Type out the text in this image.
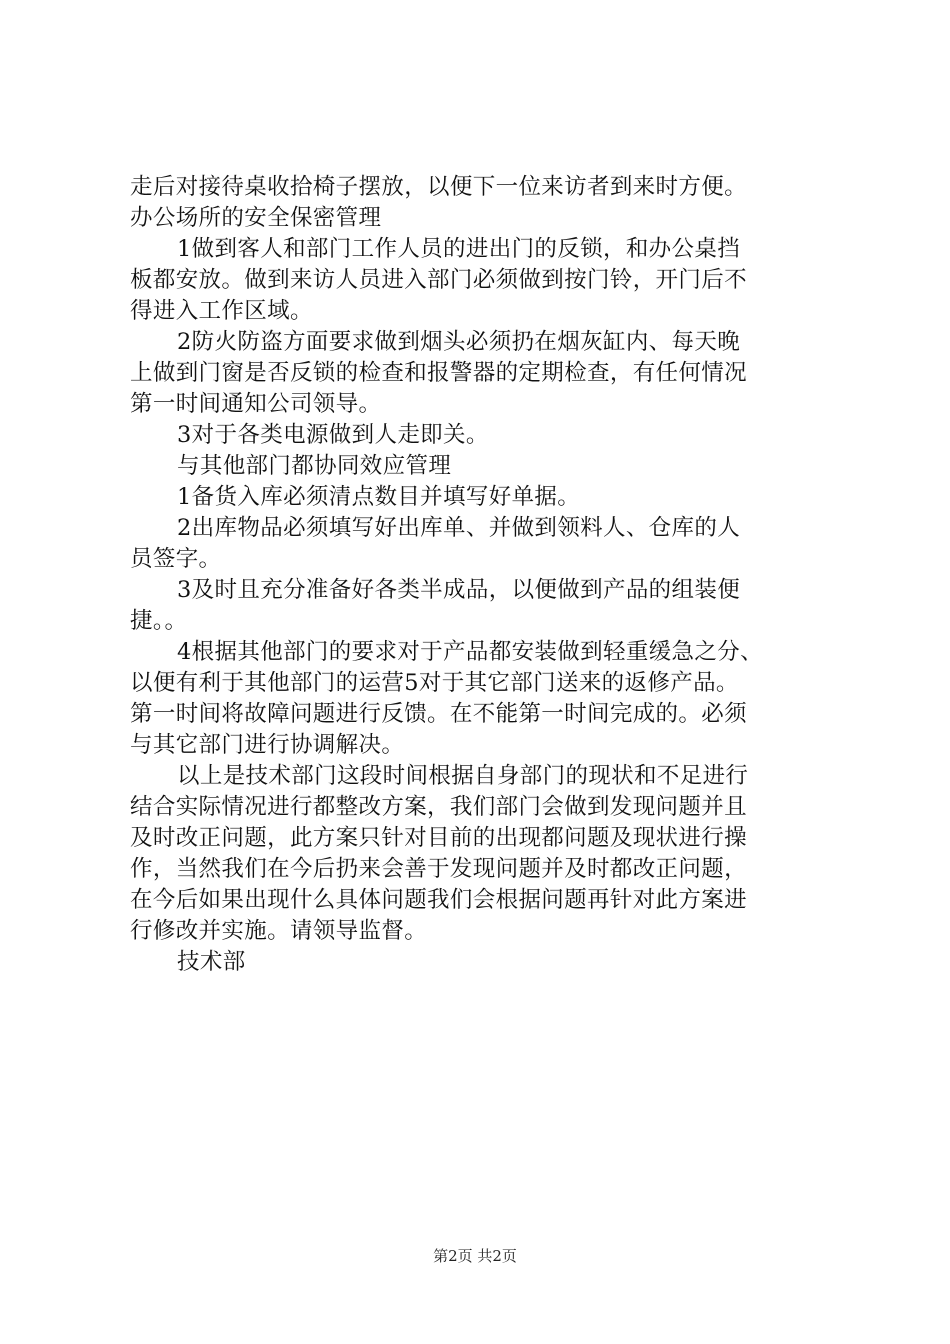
走后对接待桌收拾椅子摆放，以便下一位来访者到来时方便。
办公场所的安全保密管理
1做到客人和部门工作人员的进出门的反锁，和办公桌挡
板都安放。做到来访人员进入部门必须做到按门铃，开门后不
得进入工作区域。
2防火防盗方面要求做到烟头必须扔在烟灰缸内、每天晚
上做到门窗是否反锁的检查和报警器的定期检查，有任何情况
第一时间通知公司领导。
3对于各类电源做到人走即关。
与其他部门都协同效应管理
1备货入库必须清点数目并填写好单据。
2出库物品必须填写好出库单、并做到领料人、仓库的人
员签字。
3及时且充分准备好各类半成品，以便做到产品的组装便
捷。。
4根据其他部门的要求对于产品都安装做到轻重缓急之分、
以便有利于其他部门的运营5对于其它部门送来的返修产品。
第一时间将故障问题进行反馈。在不能第一时间完成的。必须
与其它部门进行协调解决。
以上是技术部门这段时间根据自身部门的现状和不足进行
结合实际情况进行都整改方案，我们部门会做到发现问题并且
及时改正问题，此方案只针对目前的出现都问题及现状进行操
作，当然我们在今后扔来会善于发现问题并及时都改正问题，
在今后如果出现什么具体问题我们会根据问题再针对此方案进
行修改并实施。请领导监督。
技术部
第2页 共2页
